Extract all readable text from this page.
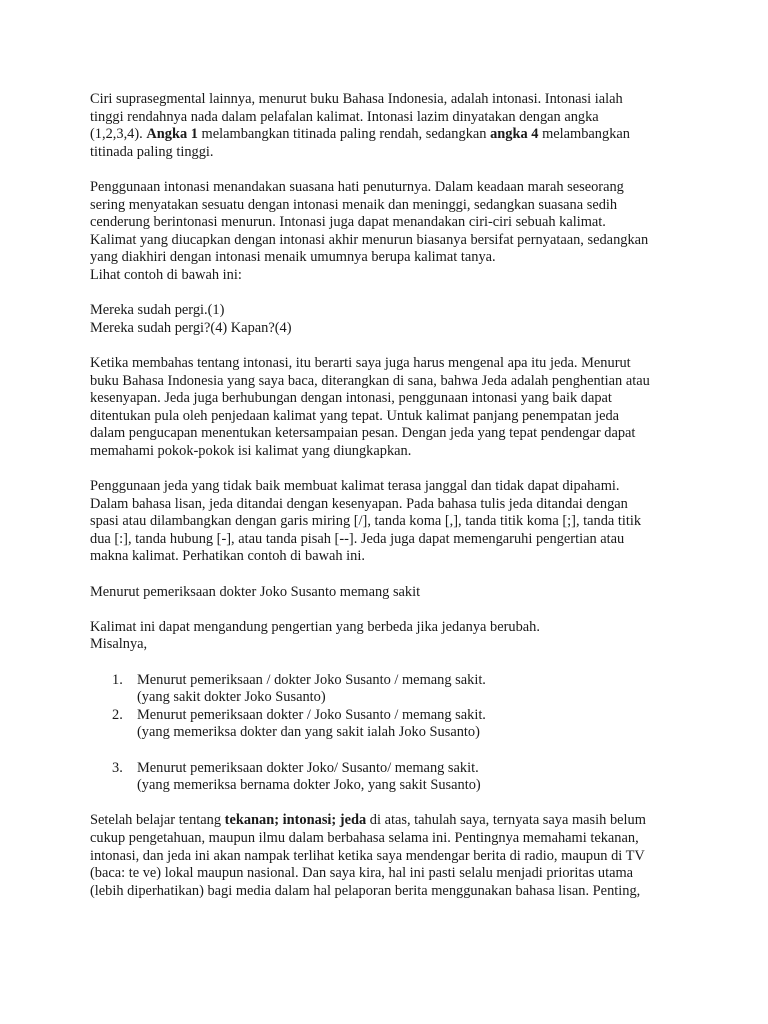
Ciri suprasegmental lainnya, menurut buku Bahasa Indonesia, adalah intonasi. Intonasi ialah
tinggi rendahnya nada dalam pelafalan kalimat. Intonasi lazim dinyatakan dengan angka
(1,2,3,4). Angka 1 melambangkan titinada paling rendah, sedangkan angka 4 melambangkan
titinada paling tinggi.
Penggunaan intonasi menandakan suasana hati penuturnya. Dalam keadaan marah seseorang
sering menyatakan sesuatu dengan intonasi menaik dan meninggi, sedangkan suasana sedih
cenderung berintonasi menurun. Intonasi juga dapat menandakan ciri-ciri sebuah kalimat.
Kalimat yang diucapkan dengan intonasi akhir menurun biasanya bersifat pernyataan, sedangkan
yang diakhiri dengan intonasi menaik umumnya berupa kalimat tanya.
Lihat contoh di bawah ini:
Mereka sudah pergi.(1)
Mereka sudah pergi?(4) Kapan?(4)
Ketika membahas tentang intonasi, itu berarti saya juga harus mengenal apa itu jeda. Menurut
buku Bahasa Indonesia yang saya baca, diterangkan di sana, bahwa Jeda adalah penghentian atau
kesenyapan. Jeda juga berhubungan dengan intonasi, penggunaan intonasi yang baik dapat
ditentukan pula oleh penjedaan kalimat yang tepat. Untuk kalimat panjang penempatan jeda
dalam pengucapan menentukan ketersampaian pesan. Dengan jeda yang tepat pendengar dapat
memahami pokok-pokok isi kalimat yang diungkapkan.
Penggunaan jeda yang tidak baik membuat kalimat terasa janggal dan tidak dapat dipahami.
Dalam bahasa lisan, jeda ditandai dengan kesenyapan. Pada bahasa tulis jeda ditandai dengan
spasi atau dilambangkan dengan garis miring [/], tanda koma [,], tanda titik koma [;], tanda titik
dua [:], tanda hubung [-], atau tanda pisah [--]. Jeda juga dapat memengaruhi pengertian atau
makna kalimat. Perhatikan contoh di bawah ini.
Menurut pemeriksaan dokter Joko Susanto memang sakit
Kalimat ini dapat mengandung pengertian yang berbeda jika jedanya berubah.
Misalnya,
1. Menurut pemeriksaan / dokter Joko Susanto / memang sakit.
(yang sakit dokter Joko Susanto)
2. Menurut pemeriksaan dokter / Joko Susanto / memang sakit.
(yang memeriksa dokter dan yang sakit ialah Joko Susanto)
3. Menurut pemeriksaan dokter Joko/ Susanto/ memang sakit.
(yang memeriksa bernama dokter Joko, yang sakit Susanto)
Setelah belajar tentang tekanan; intonasi; jeda di atas, tahulah saya, ternyata saya masih belum
cukup pengetahuan, maupun ilmu dalam berbahasa selama ini. Pentingnya memahami tekanan,
intonasi, dan jeda ini akan nampak terlihat ketika saya mendengar berita di radio, maupun di TV
(baca: te ve) lokal maupun nasional. Dan saya kira, hal ini pasti selalu menjadi prioritas utama
(lebih diperhatikan) bagi media dalam hal pelaporan berita menggunakan bahasa lisan. Penting,
